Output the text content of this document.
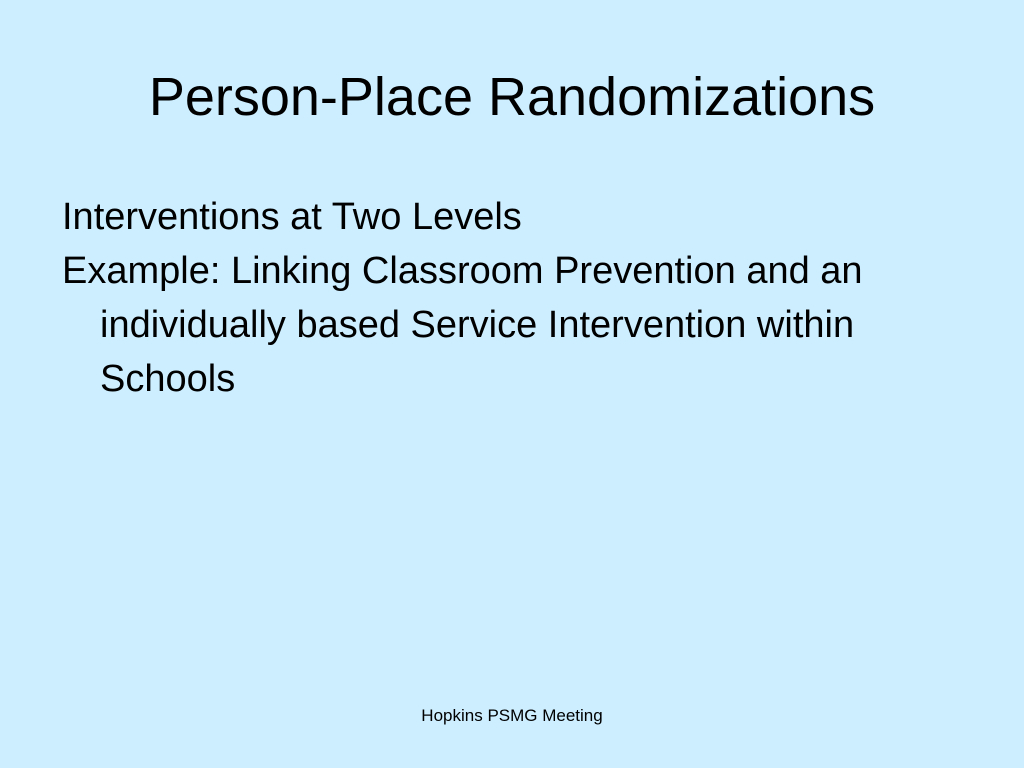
Person-Place Randomizations

Interventions at Two Levels

Example: Linking Classroom Prevention and an individually based Service Intervention within Schools

Hopkins PSMG Meeting
